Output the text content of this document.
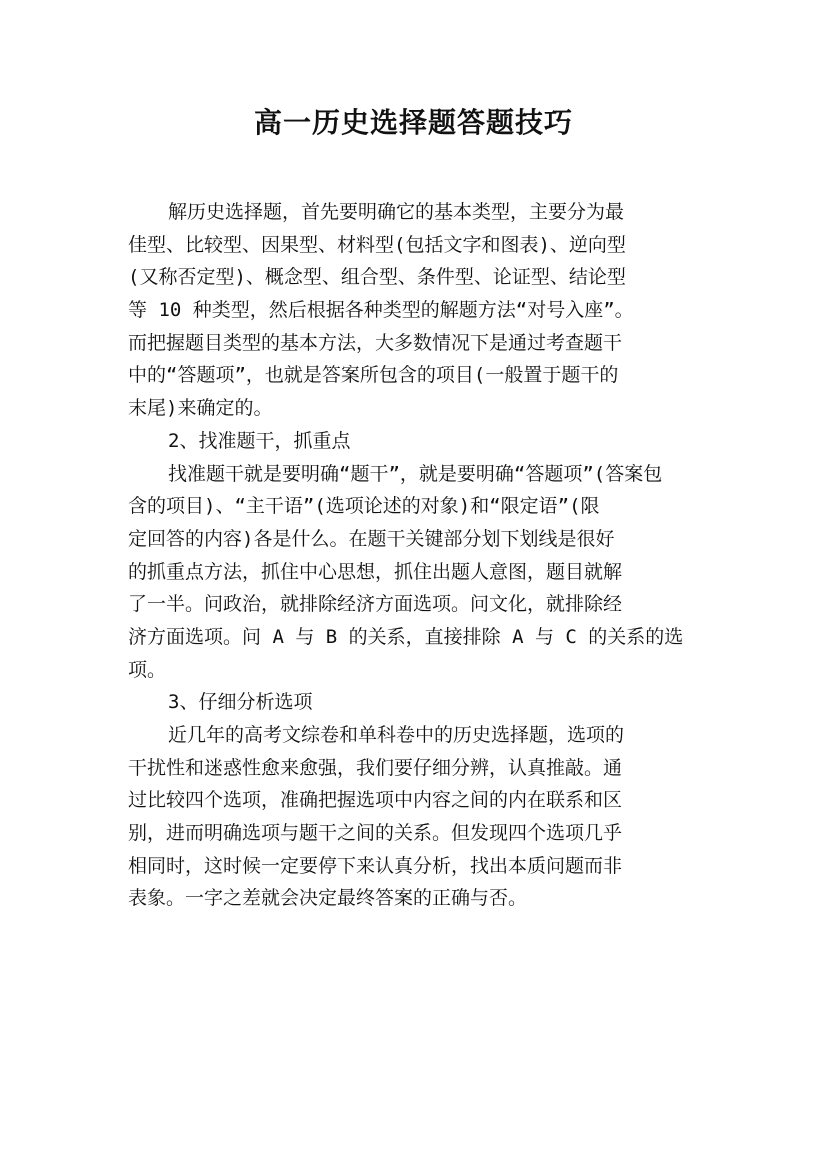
高一历史选择题答题技巧
解历史选择题，首先要明确它的基本类型，主要分为最
佳型、比较型、因果型、材料型(包括文字和图表)、逆向型
(又称否定型)、概念型、组合型、条件型、论证型、结论型
等 10 种类型，然后根据各种类型的解题方法“对号入座”。
而把握题目类型的基本方法，大多数情况下是通过考查题干
中的“答题项”，也就是答案所包含的项目(一般置于题干的
末尾)来确定的。
2、找准题干，抓重点
找准题干就是要明确“题干”，就是要明确“答题项”(答案包
含的项目)、“主干语”(选项论述的对象)和“限定语”(限
定回答的内容)各是什么。在题干关键部分划下划线是很好
的抓重点方法，抓住中心思想，抓住出题人意图，题目就解
了一半。问政治，就排除经济方面选项。问文化，就排除经
济方面选项。问 A 与 B 的关系，直接排除 A 与 C 的关系的选
项。
3、仔细分析选项
近几年的高考文综卷和单科卷中的历史选择题，选项的
干扰性和迷惑性愈来愈强，我们要仔细分辨，认真推敲。通
过比较四个选项，准确把握选项中内容之间的内在联系和区
别，进而明确选项与题干之间的关系。但发现四个选项几乎
相同时，这时候一定要停下来认真分析，找出本质问题而非
表象。一字之差就会决定最终答案的正确与否。
